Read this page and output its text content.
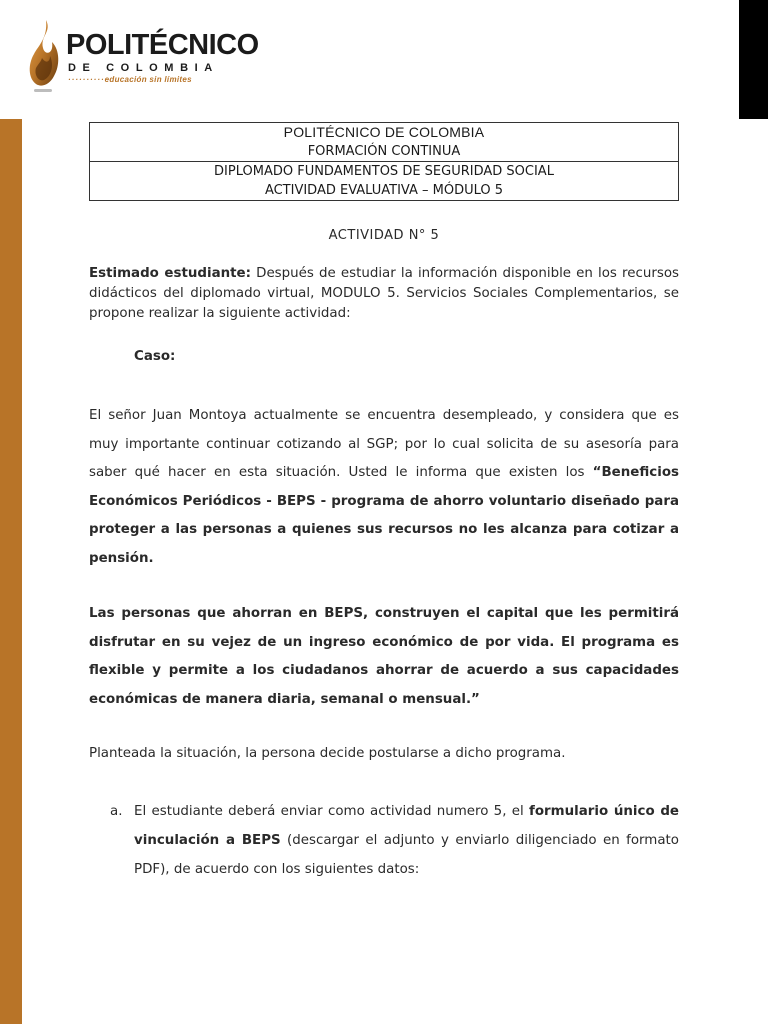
POLITÉCNICO
DE COLOMBIA
··········educación sin límites
POLITÉCNICO DE COLOMBIA
FORMACIÓN CONTINUA

DIPLOMADO FUNDAMENTOS DE SEGURIDAD SOCIAL
ACTIVIDAD EVALUATIVA – MÓDULO 5
ACTIVIDAD N° 5
Estimado estudiante: Después de estudiar la información disponible en los recursos didácticos del diplomado virtual, MODULO 5. Servicios Sociales Complementarios, se propone realizar la siguiente actividad:
Caso:
El señor Juan Montoya actualmente se encuentra desempleado, y considera que es muy importante continuar cotizando al SGP; por lo cual solicita de su asesoría para saber qué hacer en esta situación. Usted le informa que existen los “Beneficios Económicos Periódicos - BEPS - programa de ahorro voluntario diseñado para proteger a las personas a quienes sus recursos no les alcanza para cotizar a pensión.
Las personas que ahorran en BEPS, construyen el capital que les permitirá disfrutar en su vejez de un ingreso económico de por vida. El programa es flexible y permite a los ciudadanos ahorrar de acuerdo a sus capacidades económicas de manera diaria, semanal o mensual.”
Planteada la situación, la persona decide postularse a dicho programa.
a. El estudiante deberá enviar como actividad numero 5, el formulario único de vinculación a BEPS (descargar el adjunto y enviarlo diligenciado en formato PDF), de acuerdo con los siguientes datos:
